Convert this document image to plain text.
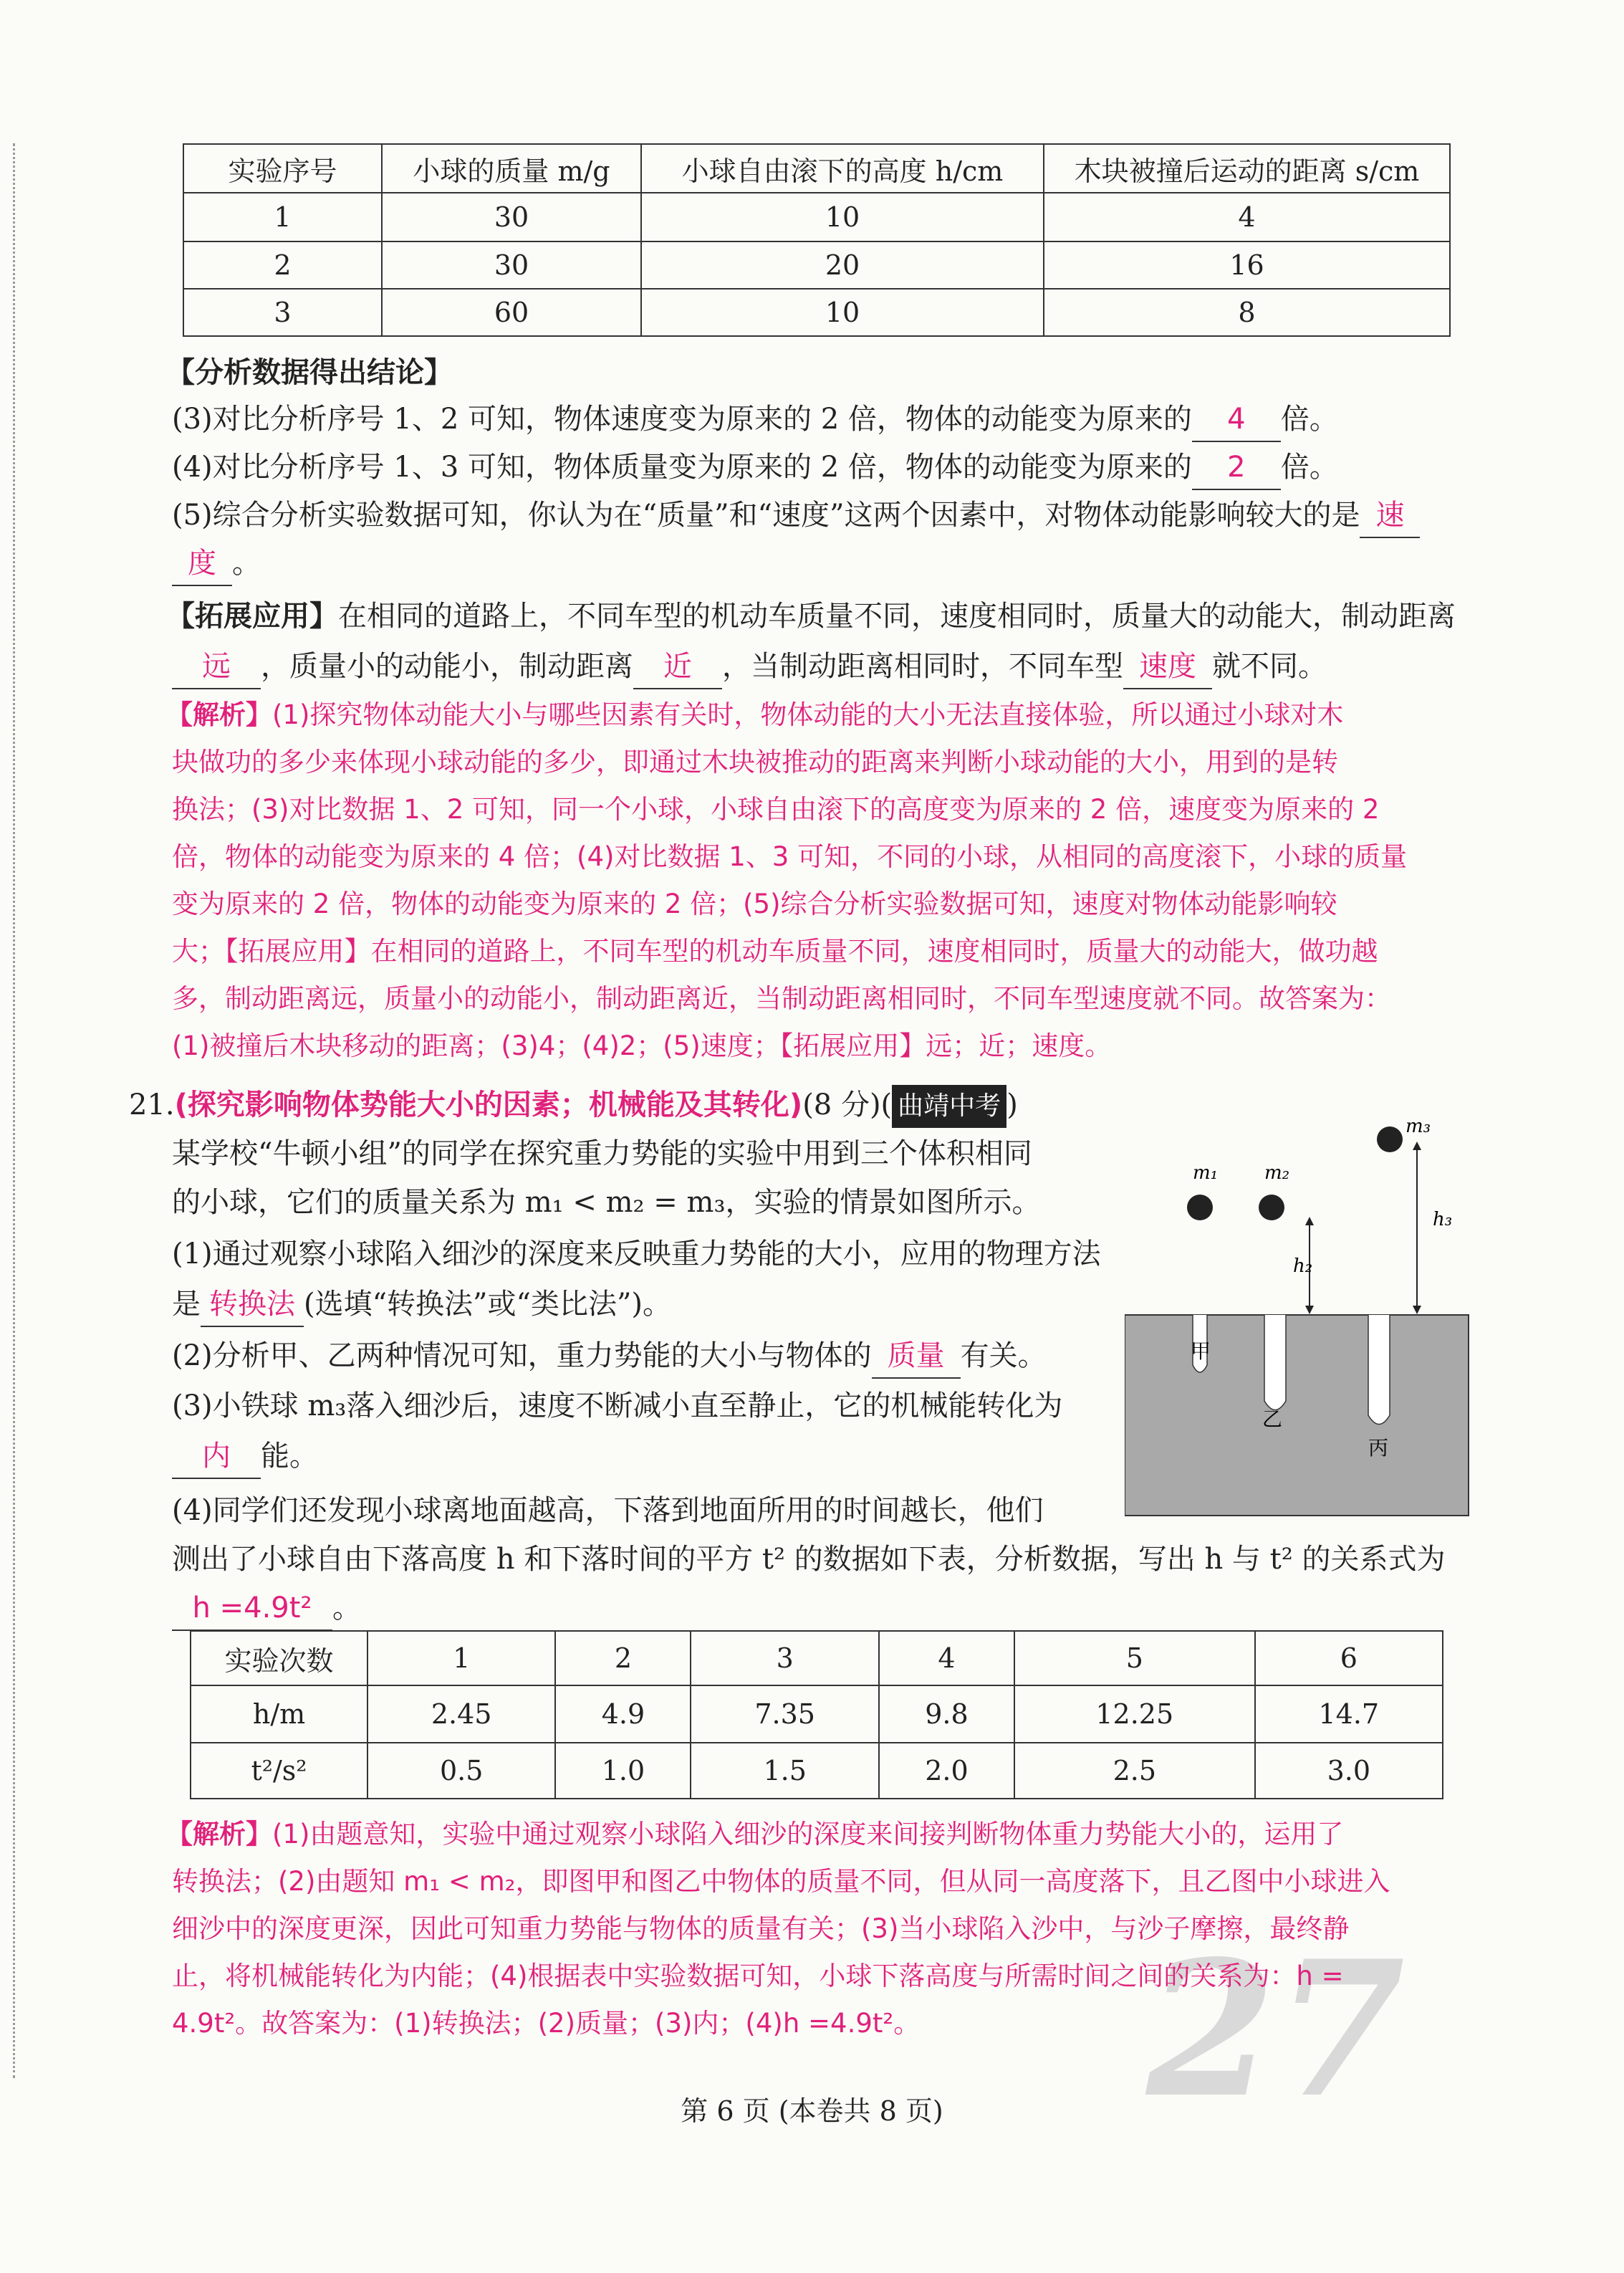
实验序号	小球的质量 m/g	小球自由滚下的高度 h/cm	木块被撞后运动的距离 s/cm
1	30	10	4
2	30	20	16
3	60	10	8
【分析数据得出结论】
(3)对比分析序号 1、2 可知，物体速度变为原来的 2 倍，物体的动能变为原来的 4 倍。
(4)对比分析序号 1、3 可知，物体质量变为原来的 2 倍，物体的动能变为原来的 2 倍。
(5)综合分析实验数据可知，你认为在“质量”和“速度”这两个因素中，对物体动能影响较大的是 速
度 。
【拓展应用】在相同的道路上，不同车型的机动车质量不同，速度相同时，质量大的动能大，制动距离
远 ，质量小的动能小，制动距离 近 ，当制动距离相同时，不同车型 速度 就不同。
【解析】(1)探究物体动能大小与哪些因素有关时，物体动能的大小无法直接体验，所以通过小球对木
块做功的多少来体现小球动能的多少，即通过木块被推动的距离来判断小球动能的大小，用到的是转
换法；(3)对比数据 1、2 可知，同一个小球，小球自由滚下的高度变为原来的 2 倍，速度变为原来的 2
倍，物体的动能变为原来的 4 倍；(4)对比数据 1、3 可知，不同的小球，从相同的高度滚下，小球的质量
变为原来的 2 倍，物体的动能变为原来的 2 倍；(5)综合分析实验数据可知，速度对物体动能影响较
大；【拓展应用】在相同的道路上，不同车型的机动车质量不同，速度相同时，质量大的动能大，做功越
多，制动距离远，质量小的动能小，制动距离近，当制动距离相同时，不同车型速度就不同。故答案为：
(1)被撞后木块移动的距离；(3)4；(4)2；(5)速度；【拓展应用】远；近；速度。
21.(探究影响物体势能大小的因素；机械能及其转化)(8 分)( 曲靖中考 )
某学校“牛顿小组”的同学在探究重力势能的实验中用到三个体积相同
的小球，它们的质量关系为 m₁ < m₂ = m₃，实验的情景如图所示。
(1)通过观察小球陷入细沙的深度来反映重力势能的大小，应用的物理方法
是 转换法 (选填“转换法”或“类比法”)。
(2)分析甲、乙两种情况可知，重力势能的大小与物体的 质量 有关。
(3)小铁球 m₃落入细沙后，速度不断减小直至静止，它的机械能转化为
内 能。
(4)同学们还发现小球离地面越高，下落到地面所用的时间越长，他们
测出了小球自由下落高度 h 和下落时间的平方 t² 的数据如下表，分析数据，写出 h 与 t² 的关系式为
h =4.9t² 。
m₁ m₂
m₃
h₂
h₃
甲
乙
丙
实验次数	1	2	3	4	5	6
h/m	2.45	4.9	7.35	9.8	12.25	14.7
t²/s²	0.5	1.0	1.5	2.0	2.5	3.0
27
【解析】(1)由题意知，实验中通过观察小球陷入细沙的深度来间接判断物体重力势能大小的，运用了
转换法；(2)由题知 m₁ < m₂，即图甲和图乙中物体的质量不同，但从同一高度落下，且乙图中小球进入
细沙中的深度更深，因此可知重力势能与物体的质量有关；(3)当小球陷入沙中，与沙子摩擦，最终静
止，将机械能转化为内能；(4)根据表中实验数据可知，小球下落高度与所需时间之间的关系为：h =
4.9t²。故答案为：(1)转换法；(2)质量；(3)内；(4)h =4.9t²。
第 6 页 (本卷共 8 页)
